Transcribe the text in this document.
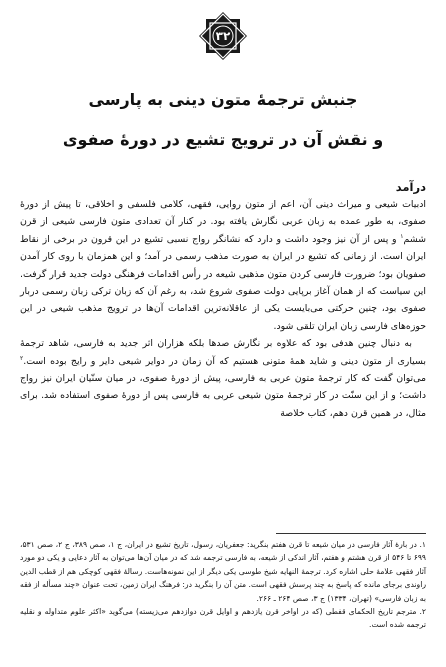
۳۲
جنبش ترجمهٔ متون دینی به پارسی
و نقش آن در ترویج تشیع در دورهٔ صفوی
درآمد

ادبیات شیعی و میراث دینی آن، اعم از متون روایی، فقهی، کلامی فلسفی و اخلاقی، تا پیش از دورهٔ صفوی، به طور عمده به زبان عربی نگارش یافته بود. در کنار آن تعدادی متون فارسی شیعی از قرن ششم$^۱$ و پس از آن نیز وجود داشت و دارد که نشانگر رواج نسبی تشیع در این قرون در برخی از نقاط ایران است. از زمانی که تشیع در ایران به صورت مذهب رسمی در آمد؛ و این همزمان با روی کار آمدن صفویان بود؛ ضرورت فارسی کردن متون مذهبی شیعه در رأس اقدامات فرهنگی دولت جدید قرار گرفت. این سیاست که از همان آغاز برپایی دولت صفوی شروع شد، به رغم آن که زبان ترکی زبان رسمی دربار صفوی بود، چنین حرکتی می‌بایست یکی از عاقلانه‌ترین اقدامات آن‌ها در ترویج مذهب شیعی در این حوزه‌های فارسی زبان ایران تلقی شود.

به دنبال چنین هدفی بود که علاوه بر نگارش صدها بلکه هزاران اثر جدید به فارسی، شاهد ترجمهٔ بسیاری از متون دینی و شاید همهٔ متونی هستیم که آن زمان در دوایر شیعی دایر و رایج بوده است.$^۲$ می‌توان گفت که کار ترجمهٔ متون عربی به فارسی، پیش از دورهٔ صفوی، در میان سنّیان ایران نیز رواج داشت؛ و از این سنّت در کار ترجمهٔ متون شیعی عربی به فارسی پس از دورهٔ صفوی استفاده شد. برای مثال، در همین قرن دهم، کتاب خلاصة

۱. در بارهٔ آثار فارسی در میان شیعه تا قرن هفتم بنگرید: جعفریان، رسول، تاریخ تشیع در ایران، ج ۱، صص ۳۸۹، ج ۲، صص ۵۳۱، ۶۹۹ تا ۵۴۶ از قرن هشتم و هفتم، آثار اندکی از شیعه، به فارسی ترجمه شد که در میان آن‌ها می‌توان به آثار دعایی و یکی دو مورد آثار فقهی علامهٔ حلی اشاره کرد. ترجمهٔ النهایه شیخ طوسی یکی دیگر از این نمونه‌هاست. رسالهٔ فقهی کوچکی هم از قطب الدین راوندی برجای مانده که پاسخ به چند پرسش فقهی است. متن آن را بنگرید در: فرهنگ ایران زمین، تحت عنوان «چند مسأله از فقه به زبان فارسی» (تهران، ۱۳۳۴) ج ۳، صص ۲۶۴ ـ ۲۶۶.

۲. مترجم تاریخ الحکمای قفطی (که در اواخر قرن یازدهم و اوایل قرن دوازدهم می‌زیسته) می‌گوید «اکثر علوم متداوله و نقلیه ترجمه شده است.
